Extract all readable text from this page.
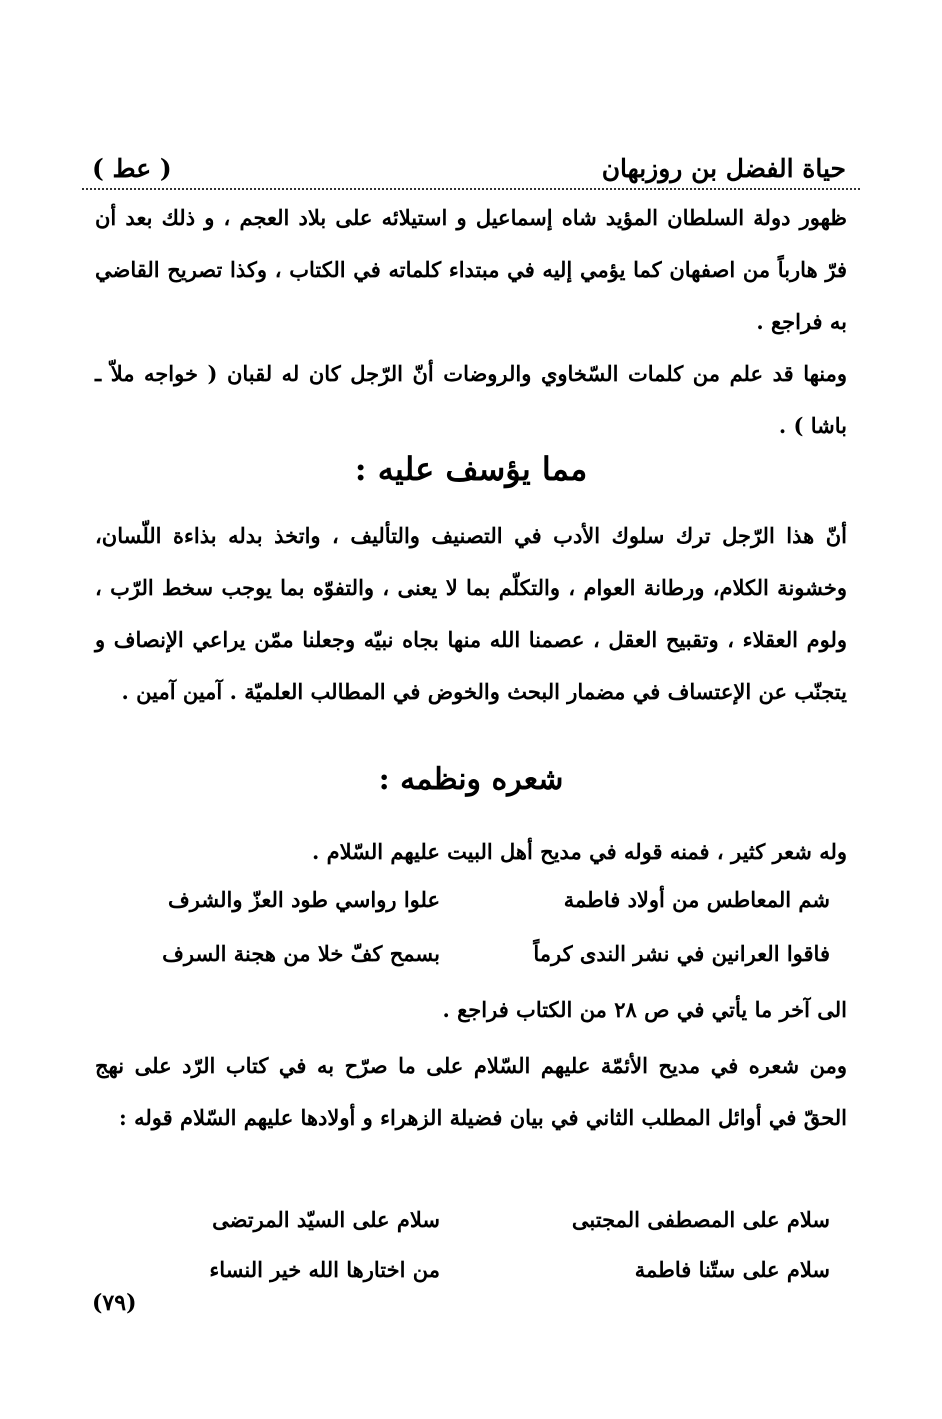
حياة الفضل بن روزبهان
( عط )

ظهور دولة السلطان المؤيد شاه إسماعيل و استيلائه على بلاد العجم ، و ذلك بعد أن فرّ هارباً من اصفهان كما يؤمي إليه في مبتداء كلماته في الكتاب ، وكذا تصريح القاضي به فراجع .

ومنها قد علم من كلمات السّخاوي والروضات أنّ الرّجل كان له لقبان ( خواجه ملاّ ـ باشا ) .

مما يؤسف عليه :

أنّ هذا الرّجل ترك سلوك الأدب في التصنيف والتأليف ، واتخذ بدله بذاءة اللّسان، وخشونة الكلام، ورطانة العوام ، والتكلّم بما لا يعنى ، والتفوّه بما يوجب سخط الرّب ، ولوم العقلاء ، وتقبيح العقل ، عصمنا الله منها بجاه نبيّه وجعلنا ممّن يراعي الإنصاف و يتجنّب عن الإعتساف في مضمار البحث والخوض في المطالب العلميّة . آمين آمين .

شعره ونظمه :

وله شعر كثير ، فمنه قوله في مديح أهل البيت عليهم السّلام .

شم المعاطس من أولاد فاطمة
علوا رواسي طود العزّ والشرف
فاقوا العرانين في نشر الندى كرماً
بسمح كفّ خلا من هجنة السرف

الى آخر ما يأتي في ص ٢٨ من الكتاب فراجع .

ومن شعره في مديح الأئمّة عليهم السّلام على ما صرّح به في كتاب الرّد على نهج الحقّ في أوائل المطلب الثاني في بيان فضيلة الزهراء و أولادها عليهم السّلام قوله :

سلام على المصطفى المجتبى
سلام على السيّد المرتضى
سلام على ستّنا فاطمة
من اختارها الله خير النساء
(٧٩)
